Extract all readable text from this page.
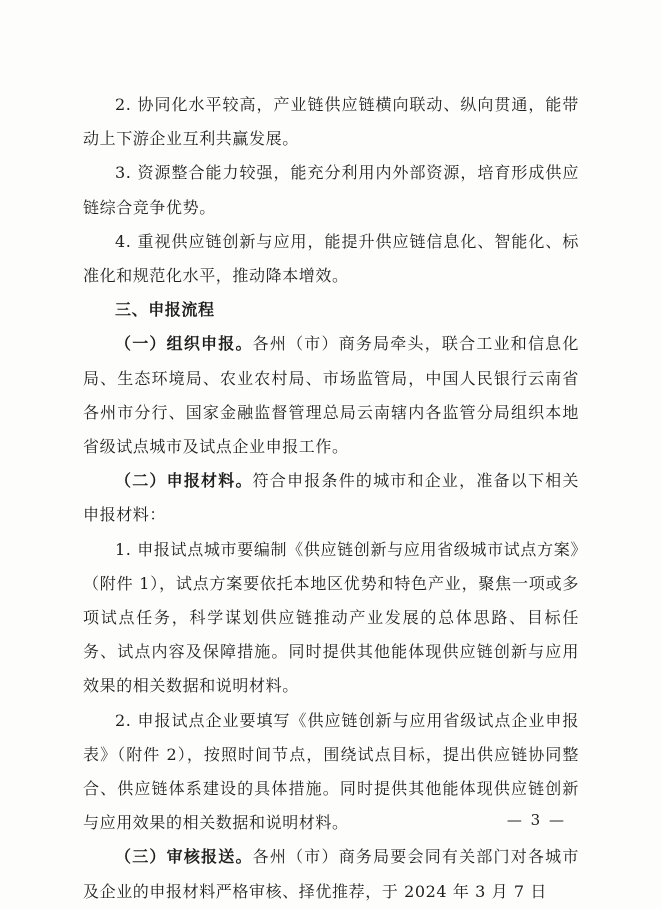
2. 协同化水平较高，产业链供应链横向联动、纵向贯通，能带动上下游企业互利共赢发展。

3. 资源整合能力较强，能充分利用内外部资源，培育形成供应链综合竞争优势。

4. 重视供应链创新与应用，能提升供应链信息化、智能化、标准化和规范化水平，推动降本增效。

三、申报流程

（一）组织申报。各州（市）商务局牵头，联合工业和信息化局、生态环境局、农业农村局、市场监管局，中国人民银行云南省各州市分行、国家金融监督管理总局云南辖内各监管分局组织本地省级试点城市及试点企业申报工作。

（二）申报材料。符合申报条件的城市和企业，准备以下相关申报材料：

1. 申报试点城市要编制《供应链创新与应用省级城市试点方案》（附件 1），试点方案要依托本地区优势和特色产业，聚焦一项或多项试点任务，科学谋划供应链推动产业发展的总体思路、目标任务、试点内容及保障措施。同时提供其他能体现供应链创新与应用效果的相关数据和说明材料。

2. 申报试点企业要填写《供应链创新与应用省级试点企业申报表》（附件 2），按照时间节点，围绕试点目标，提出供应链协同整合、供应链体系建设的具体措施。同时提供其他能体现供应链创新与应用效果的相关数据和说明材料。

（三）审核报送。各州（市）商务局要会同有关部门对各城市及企业的申报材料严格审核、择优推荐，于 2024 年 3 月 7 日

— 3 —
